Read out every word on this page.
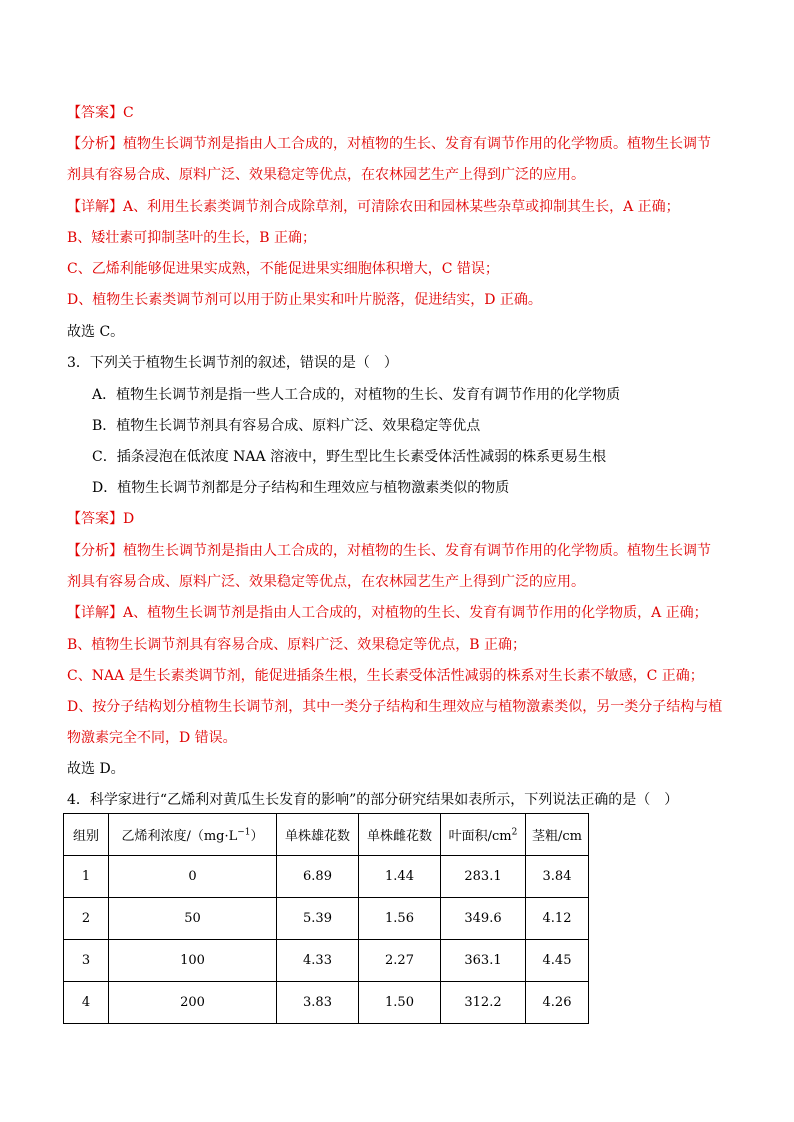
【答案】C
【分析】植物生长调节剂是指由人工合成的，对植物的生长、发育有调节作用的化学物质。植物生长调节
剂具有容易合成、原料广泛、效果稳定等优点，在农林园艺生产上得到广泛的应用。
【详解】A、利用生长素类调节剂合成除草剂，可清除农田和园林某些杂草或抑制其生长，A 正确；
B、矮壮素可抑制茎叶的生长，B 正确；
C、乙烯利能够促进果实成熟，不能促进果实细胞体积增大，C 错误；
D、植物生长素类调节剂可以用于防止果实和叶片脱落，促进结实，D 正确。
故选 C。
3．下列关于植物生长调节剂的叙述，错误的是（　）
A．植物生长调节剂是指一些人工合成的，对植物的生长、发育有调节作用的化学物质
B．植物生长调节剂具有容易合成、原料广泛、效果稳定等优点
C．插条浸泡在低浓度 NAA 溶液中，野生型比生长素受体活性减弱的株系更易生根
D．植物生长调节剂都是分子结构和生理效应与植物激素类似的物质
【答案】D
【分析】植物生长调节剂是指由人工合成的，对植物的生长、发育有调节作用的化学物质。植物生长调节
剂具有容易合成、原料广泛、效果稳定等优点，在农林园艺生产上得到广泛的应用。
【详解】A、植物生长调节剂是指由人工合成的，对植物的生长、发育有调节作用的化学物质，A 正确；
B、植物生长调节剂具有容易合成、原料广泛、效果稳定等优点，B 正确；
C、NAA 是生长素类调节剂，能促进插条生根，生长素受体活性减弱的株系对生长素不敏感，C 正确；
D、按分子结构划分植物生长调节剂，其中一类分子结构和生理效应与植物激素类似，另一类分子结构与植
物激素完全不同，D 错误。
故选 D。
4．科学家进行“乙烯利对黄瓜生长发育的影响”的部分研究结果如表所示，下列说法正确的是（　）
组别	乙烯利浓度$/(mg\cdot L^{-1})$	单株雄花数	单株雌花数	叶面积$/cm^2$	茎粗/cm
1	0	6.89	1.44	283.1	3.84
2	50	5.39	1.56	349.6	4.12
3	100	4.33	2.27	363.1	4.45
4	200	3.83	1.50	312.2	4.26
